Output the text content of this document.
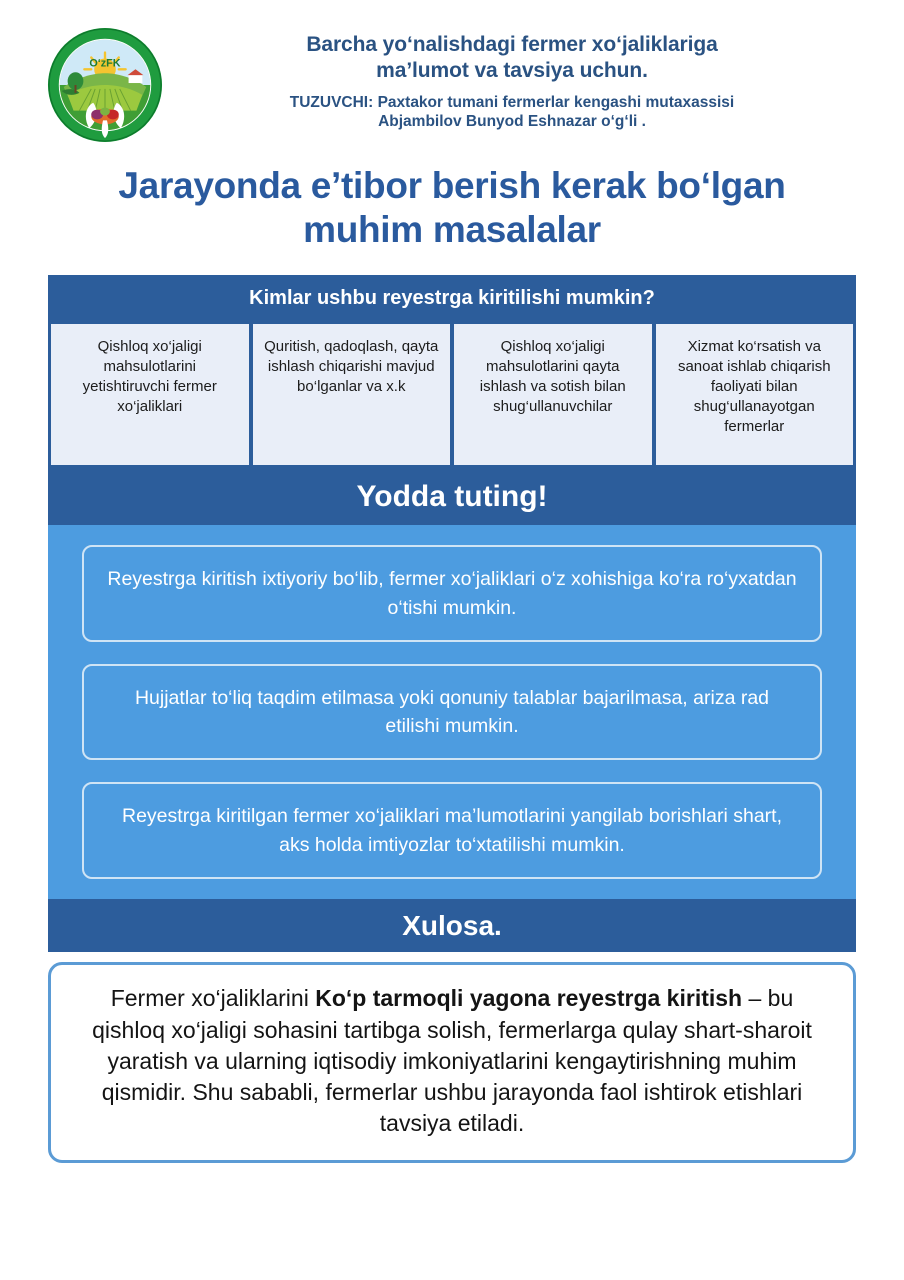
O‘zFK
Barcha yo‘nalishdagi fermer xo‘jaliklariga
ma’lumot va tavsiya uchun.
TUZUVCHI: Paxtakor tumani fermerlar kengashi mutaxassisi
Abjambilov Bunyod Eshnazar o‘g‘li .
Jarayonda e’tibor berish kerak bo‘lgan
muhim masalalar
Kimlar ushbu reyestrga kiritilishi mumkin?
Qishloq xo‘jaligi mahsulotlarini yetishtiruvchi fermer xo‘jaliklari
Quritish, qadoqlash, qayta ishlash chiqarishi mavjud bo‘lganlar va x.k
Qishloq xo‘jaligi mahsulotlarini qayta ishlash va sotish bilan shug‘ullanuvchilar
Xizmat ko‘rsatish va sanoat ishlab chiqarish faoliyati bilan shug‘ullanayotgan fermerlar
Yodda tuting!
Reyestrga kiritish ixtiyoriy bo‘lib, fermer xo‘jaliklari o‘z xohishiga ko‘ra ro‘yxatdan o‘tishi mumkin.
Hujjatlar to‘liq taqdim etilmasa yoki qonuniy talablar bajarilmasa, ariza rad etilishi mumkin.
Reyestrga kiritilgan fermer xo‘jaliklari ma’lumotlarini yangilab borishlari shart, aks holda imtiyozlar to‘xtatilishi mumkin.
Xulosa.
Fermer xo‘jaliklarini Ko‘p tarmoqli yagona reyestrga kiritish – bu qishloq xo‘jaligi sohasini tartibga solish, fermerlarga qulay shart-sharoit yaratish va ularning iqtisodiy imkoniyatlarini kengaytirishning muhim qismidir. Shu sababli, fermerlar ushbu jarayonda faol ishtirok etishlari tavsiya etiladi.
